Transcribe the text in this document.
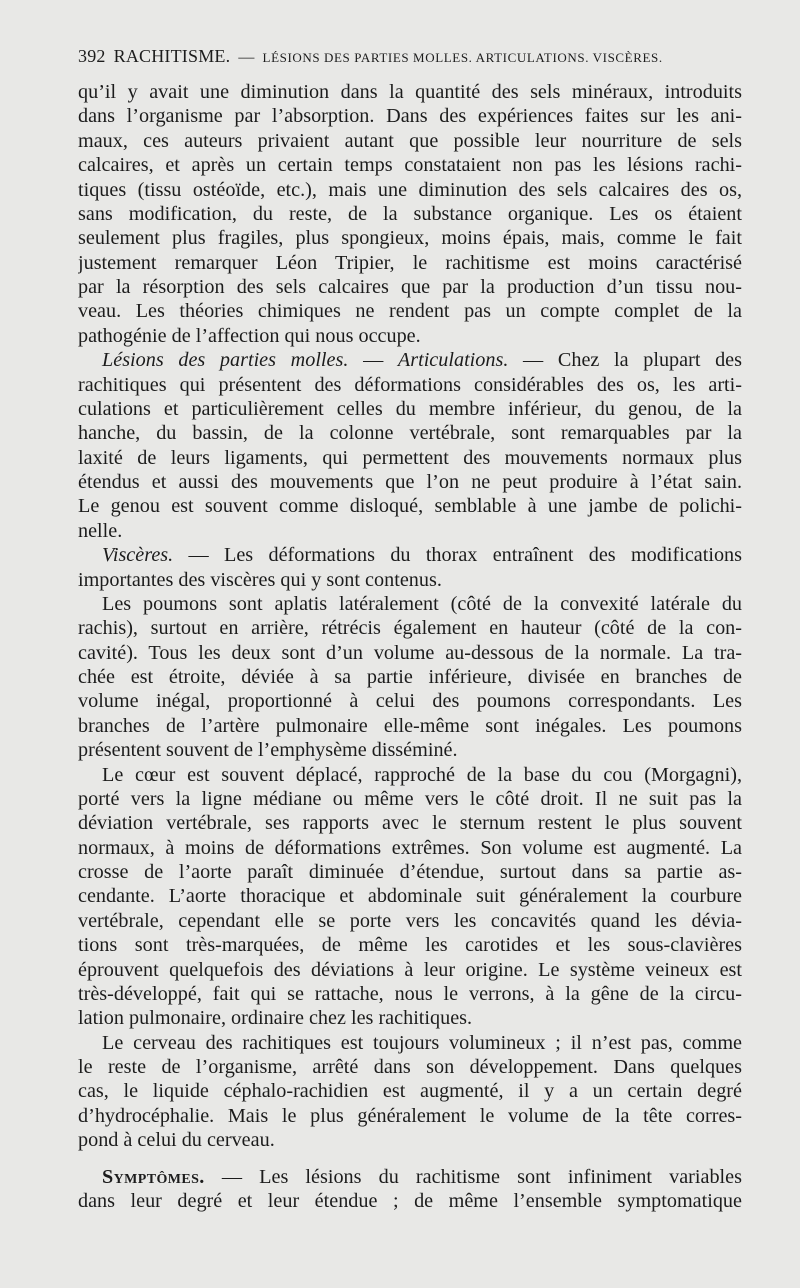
392 RACHITISME. — LÉSIONS DES PARTIES MOLLES. ARTICULATIONS. VISCÈRES.
qu’il y avait une diminution dans la quantité des sels minéraux, introduits
dans l’organisme par l’absorption. Dans des expériences faites sur les ani-
maux, ces auteurs privaient autant que possible leur nourriture de sels
calcaires, et après un certain temps constataient non pas les lésions rachi-
tiques (tissu ostéoïde, etc.), mais une diminution des sels calcaires des os,
sans modification, du reste, de la substance organique. Les os étaient
seulement plus fragiles, plus spongieux, moins épais, mais, comme le fait
justement remarquer Léon Tripier, le rachitisme est moins caractérisé
par la résorption des sels calcaires que par la production d’un tissu nou-
veau. Les théories chimiques ne rendent pas un compte complet de la
pathogénie de l’affection qui nous occupe.
Lésions des parties molles. — Articulations. — Chez la plupart des
rachitiques qui présentent des déformations considérables des os, les arti-
culations et particulièrement celles du membre inférieur, du genou, de la
hanche, du bassin, de la colonne vertébrale, sont remarquables par la
laxité de leurs ligaments, qui permettent des mouvements normaux plus
étendus et aussi des mouvements que l’on ne peut produire à l’état sain.
Le genou est souvent comme disloqué, semblable à une jambe de polichi-
nelle.
Viscères. — Les déformations du thorax entraînent des modifications
importantes des viscères qui y sont contenus.
Les poumons sont aplatis latéralement (côté de la convexité latérale du
rachis), surtout en arrière, rétrécis également en hauteur (côté de la con-
cavité). Tous les deux sont d’un volume au-dessous de la normale. La tra-
chée est étroite, déviée à sa partie inférieure, divisée en branches de
volume inégal, proportionné à celui des poumons correspondants. Les
branches de l’artère pulmonaire elle-même sont inégales. Les poumons
présentent souvent de l’emphysème disséminé.
Le cœur est souvent déplacé, rapproché de la base du cou (Morgagni),
porté vers la ligne médiane ou même vers le côté droit. Il ne suit pas la
déviation vertébrale, ses rapports avec le sternum restent le plus souvent
normaux, à moins de déformations extrêmes. Son volume est augmenté. La
crosse de l’aorte paraît diminuée d’étendue, surtout dans sa partie as-
cendante. L’aorte thoracique et abdominale suit généralement la courbure
vertébrale, cependant elle se porte vers les concavités quand les dévia-
tions sont très-marquées, de même les carotides et les sous-clavières
éprouvent quelquefois des déviations à leur origine. Le système veineux est
très-développé, fait qui se rattache, nous le verrons, à la gêne de la circu-
lation pulmonaire, ordinaire chez les rachitiques.
Le cerveau des rachitiques est toujours volumineux ; il n’est pas, comme
le reste de l’organisme, arrêté dans son développement. Dans quelques
cas, le liquide céphalo-rachidien est augmenté, il y a un certain degré
d’hydrocéphalie. Mais le plus généralement le volume de la tête corres-
pond à celui du cerveau.
Symptômes. — Les lésions du rachitisme sont infiniment variables
dans leur degré et leur étendue ; de même l’ensemble symptomatique
